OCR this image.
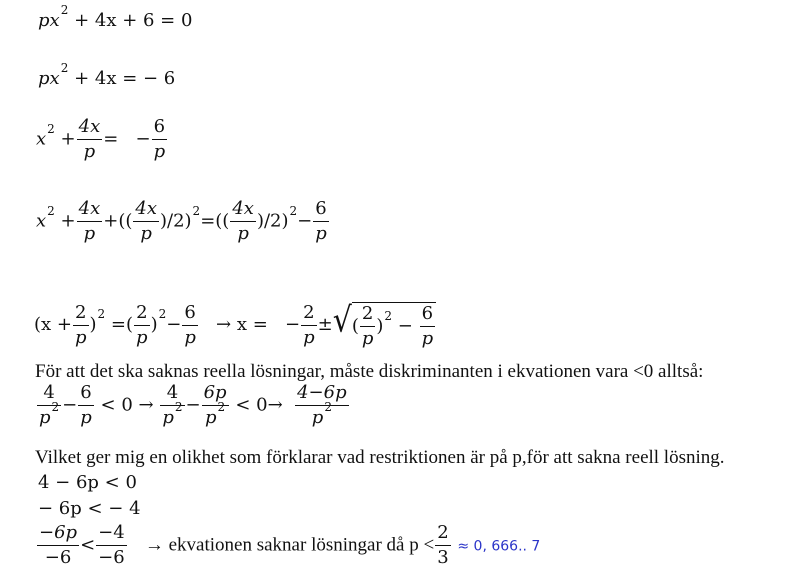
$px^2 + 4x + 6 = 0$
$px^2 + 4x$ = − 6
$x^2 + \frac{4x}{p}$ = − $\frac{6}{p}$
$x^2 + \frac{4x}{p}$ +(( $\frac{4x}{p} )/2)^2=(( \frac{4x}{p} )/2)^2- \frac{6}{p}$
$(x + \frac{2}{p} )^2$ =( $\frac{2}{p} )^2- \frac{6}{p} \to x$ = − $\frac{2}{p}$ ±√( $\frac{2}{p} )^2 - \frac{6}{p}$
För att det ska saknas reella lösningar, måste diskriminanten i ekvationen vara <0 alltså:
$\frac{4}{p^2} - \frac{6}{p} < 0 \to \frac{4}{p^2} - \frac{6p}{p^2} < 0\to \frac{4-6p}{p^2}$
Vilket ger mig en olikhet som förklarar vad restriktionen är på p,för att sakna reell lösning.
4 − 6p < 0
− 6p < − 4
$\frac{-6p}{-6} < \frac{-4}{-6}$ → ekvationen saknar lösningar då $p < \frac{2}{3} \approx 0$, 666.. 7
